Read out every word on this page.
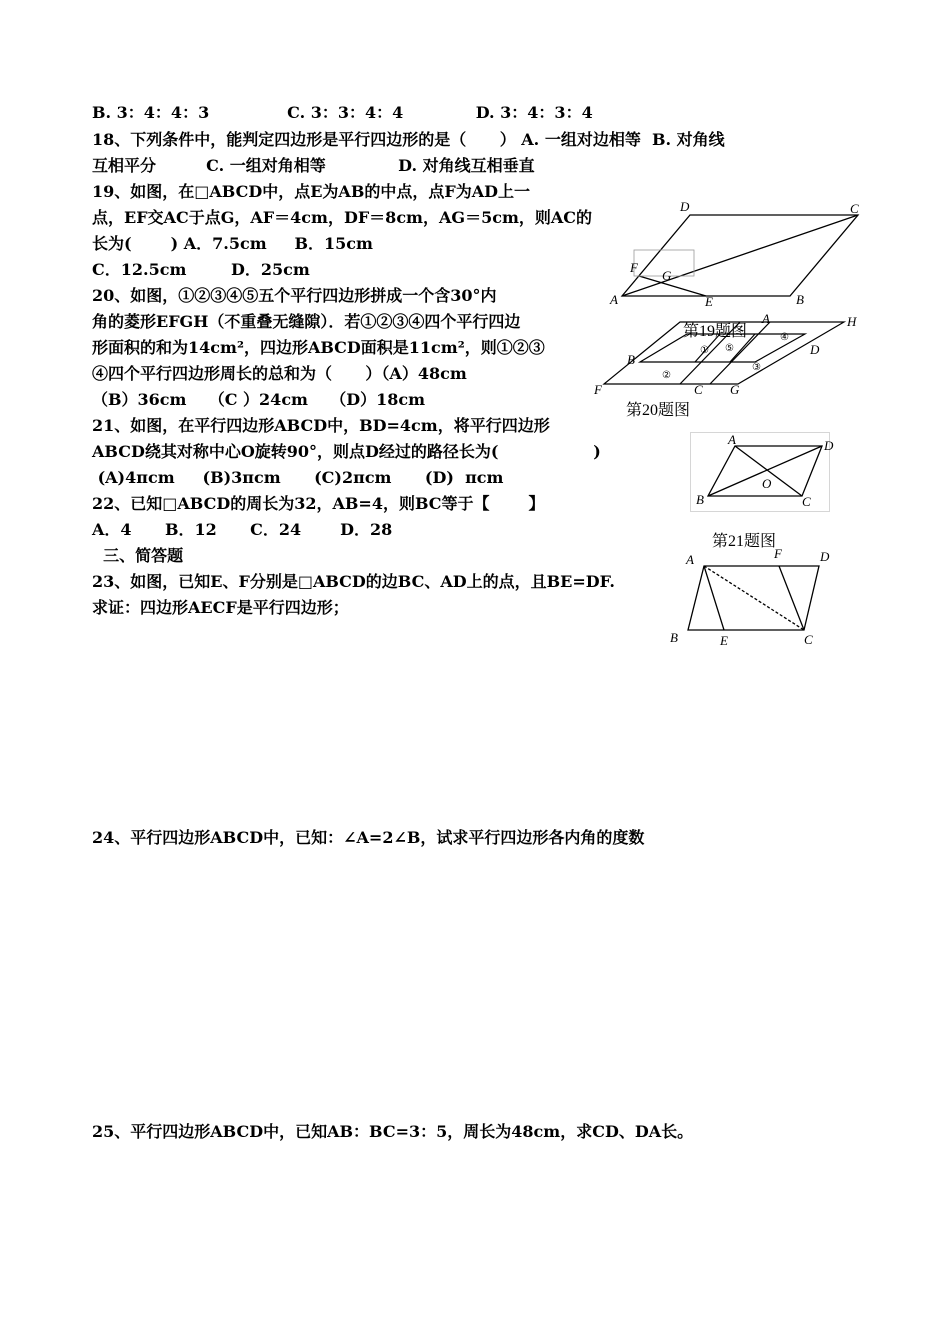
B. 3：4：4：3              C. 3：3：4：4             D. 3：4：3：4
18、下列条件中，能判定四边形是平行四边形的是（      ） A. 一组对边相等  B. 对角线
互相平分         C. 一组对角相等             D. 对角线互相垂直
19、如图，在□ABCD中，点E为AB的中点，点F为AD上一
点，EF交AC于点G，AF＝4cm，DF＝8cm，AG＝5cm，则AC的
长为(       ) A．7.5cm     B．15cm
C．12.5cm        D．25cm
20、如图，①②③④⑤五个平行四边形拼成一个含30°内
角的菱形EFGH（不重叠无缝隙）．若①②③④四个平行四边
形面积的和为14cm²，四边形ABCD面积是11cm²，则①②③
④四个平行四边形周长的总和为（      ）（A）48cm
（B）36cm    （C ）24cm    （D）18cm
21、如图，在平行四边形ABCD中，BD=4cm，将平行四边形
ABCD绕其对称中心O旋转90°，则点D经过的路径长为(                 )
(A)4πcm     (B)3πcm      (C)2πcm      (D)  πcm
22、已知□ABCD的周长为32，AB=4，则BC等于【       】
A．4      B．12      C．24       D．28
三、简答题
23、如图，已知E、F分别是□ABCD的边BC、AD上的点，且BE=DF.
求证：四边形AECF是平行四边形；
24、平行四边形ABCD中，已知：∠A=2∠B，试求平行四边形各内角的度数
25、平行四边形ABCD中，已知AB：BC=3：5，周长为48cm，求CD、DA长。
D	C
F
G
A	E	B
第19题图
A	H
B
D
F	C G
①
②
③
④
⑤
第20题图
A	D
O
B	C
第21题图
A	F	D
B	E	C
